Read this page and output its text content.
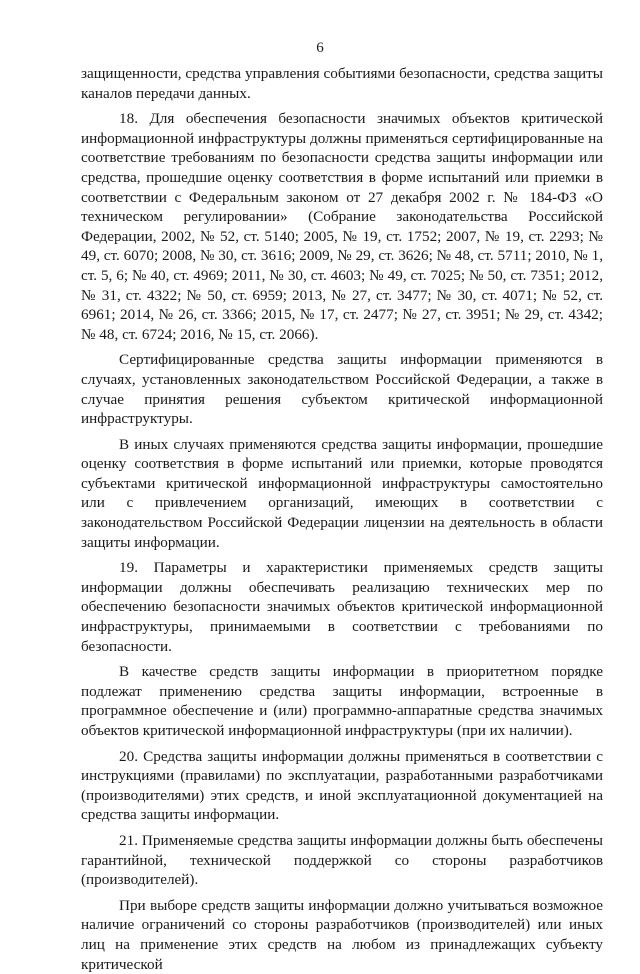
6

защищенности, средства управления событиями безопасности, средства защиты каналов передачи данных.

18. Для обеспечения безопасности значимых объектов критической информационной инфраструктуры должны применяться сертифицированные на соответствие требованиям по безопасности средства защиты информации или средства, прошедшие оценку соответствия в форме испытаний или приемки в соответствии с Федеральным законом от 27 декабря 2002 г. № 184-ФЗ «О техническом регулировании» (Собрание законодательства Российской Федерации, 2002, № 52, ст. 5140; 2005, № 19, ст. 1752; 2007, № 19, ст. 2293; № 49, ст. 6070; 2008, № 30, ст. 3616; 2009, № 29, ст. 3626; № 48, ст. 5711; 2010, № 1, ст. 5, 6; № 40, ст. 4969; 2011, № 30, ст. 4603; № 49, ст. 7025; № 50, ст. 7351; 2012, № 31, ст. 4322; № 50, ст. 6959; 2013, № 27, ст. 3477; № 30, ст. 4071; № 52, ст. 6961; 2014, № 26, ст. 3366; 2015, № 17, ст. 2477; № 27, ст. 3951; № 29, ст. 4342; № 48, ст. 6724; 2016, № 15, ст. 2066).

Сертифицированные средства защиты информации применяются в случаях, установленных законодательством Российской Федерации, а также в случае принятия решения субъектом критической информационной инфраструктуры.

В иных случаях применяются средства защиты информации, прошедшие оценку соответствия в форме испытаний или приемки, которые проводятся субъектами критической информационной инфраструктуры самостоятельно или с привлечением организаций, имеющих в соответствии с законодательством Российской Федерации лицензии на деятельность в области защиты информации.

19. Параметры и характеристики применяемых средств защиты информации должны обеспечивать реализацию технических мер по обеспечению безопасности значимых объектов критической информационной инфраструктуры, принимаемыми в соответствии с требованиями по безопасности.

В качестве средств защиты информации в приоритетном порядке подлежат применению средства защиты информации, встроенные в программное обеспечение и (или) программно-аппаратные средства значимых объектов критической информационной инфраструктуры (при их наличии).

20. Средства защиты информации должны применяться в соответствии с инструкциями (правилами) по эксплуатации, разработанными разработчиками (производителями) этих средств, и иной эксплуатационной документацией на средства защиты информации.

21. Применяемые средства защиты информации должны быть обеспечены гарантийной, технической поддержкой со стороны разработчиков (производителей).

При выборе средств защиты информации должно учитываться возможное наличие ограничений со стороны разработчиков (производителей) или иных лиц на применение этих средств на любом из принадлежащих субъекту критической
